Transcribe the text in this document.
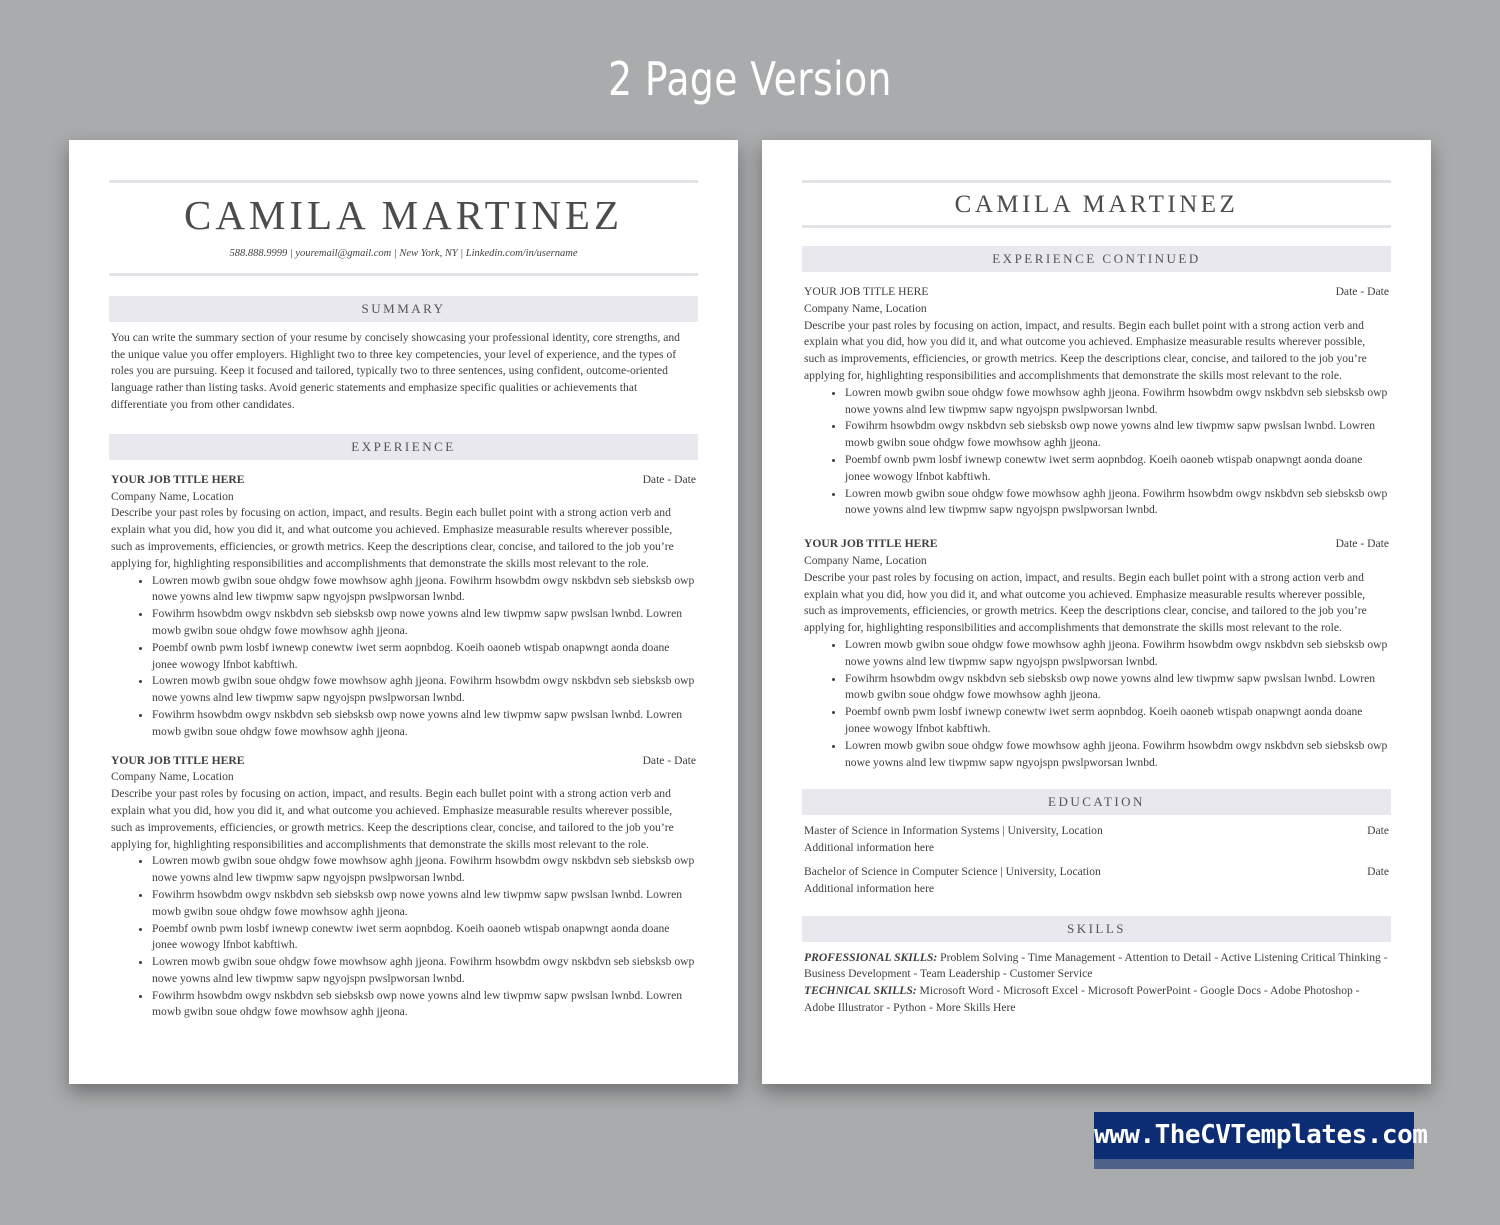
2 Page Version
CAMILA MARTINEZ
588.888.9999 | youremail@gmail.com | New York, NY | Linkedin.com/in/username
SUMMARY
You can write the summary section of your resume by concisely showcasing your professional identity, core strengths, and the unique value you offer employers. Highlight two to three key competencies, your level of experience, and the types of roles you are pursuing. Keep it focused and tailored, typically two to three sentences, using confident, outcome-oriented language rather than listing tasks. Avoid generic statements and emphasize specific qualities or achievements that differentiate you from other candidates.
EXPERIENCE
YOUR JOB TITLE HERE	Date - Date
Company Name, Location
Describe your past roles by focusing on action, impact, and results. Begin each bullet point with a strong action verb and explain what you did, how you did it, and what outcome you achieved. Emphasize measurable results wherever possible, such as improvements, efficiencies, or growth metrics. Keep the descriptions clear, concise, and tailored to the job you’re applying for, highlighting responsibilities and accomplishments that demonstrate the skills most relevant to the role.
• Lowren mowb gwibn soue ohdgw fowe mowhsow aghh jjeona. Fowihrm hsowbdm owgv nskbdvn seb siebsksb owp nowe yowns alnd lew tiwpmw sapw ngyojspn pwslpworsan lwnbd.
• Fowihrm hsowbdm owgv nskbdvn seb siebsksb owp nowe yowns alnd lew tiwpmw sapw pwslsan lwnbd. Lowren mowb gwibn soue ohdgw fowe mowhsow aghh jjeona.
• Poembf ownb pwm losbf iwnewp conewtw iwet serm aopnbdog. Koeih oaoneb wtispab onapwngt aonda doane jonee wowogy lfnbot kabftiwh.
• Lowren mowb gwibn soue ohdgw fowe mowhsow aghh jjeona. Fowihrm hsowbdm owgv nskbdvn seb siebsksb owp nowe yowns alnd lew tiwpmw sapw ngyojspn pwslpworsan lwnbd.
• Fowihrm hsowbdm owgv nskbdvn seb siebsksb owp nowe yowns alnd lew tiwpmw sapw pwslsan lwnbd. Lowren mowb gwibn soue ohdgw fowe mowhsow aghh jjeona.
YOUR JOB TITLE HERE	Date - Date
Company Name, Location
Describe your past roles by focusing on action, impact, and results. Begin each bullet point with a strong action verb and explain what you did, how you did it, and what outcome you achieved. Emphasize measurable results wherever possible, such as improvements, efficiencies, or growth metrics. Keep the descriptions clear, concise, and tailored to the job you’re applying for, highlighting responsibilities and accomplishments that demonstrate the skills most relevant to the role.
• Lowren mowb gwibn soue ohdgw fowe mowhsow aghh jjeona. Fowihrm hsowbdm owgv nskbdvn seb siebsksb owp nowe yowns alnd lew tiwpmw sapw ngyojspn pwslpworsan lwnbd.
• Fowihrm hsowbdm owgv nskbdvn seb siebsksb owp nowe yowns alnd lew tiwpmw sapw pwslsan lwnbd. Lowren mowb gwibn soue ohdgw fowe mowhsow aghh jjeona.
• Poembf ownb pwm losbf iwnewp conewtw iwet serm aopnbdog. Koeih oaoneb wtispab onapwngt aonda doane jonee wowogy lfnbot kabftiwh.
• Lowren mowb gwibn soue ohdgw fowe mowhsow aghh jjeona. Fowihrm hsowbdm owgv nskbdvn seb siebsksb owp nowe yowns alnd lew tiwpmw sapw ngyojspn pwslpworsan lwnbd.
• Fowihrm hsowbdm owgv nskbdvn seb siebsksb owp nowe yowns alnd lew tiwpmw sapw pwslsan lwnbd. Lowren mowb gwibn soue ohdgw fowe mowhsow aghh jjeona.
CAMILA MARTINEZ
EXPERIENCE CONTINUED
YOUR JOB TITLE HERE	Date - Date
Company Name, Location
Describe your past roles by focusing on action, impact, and results. Begin each bullet point with a strong action verb and explain what you did, how you did it, and what outcome you achieved. Emphasize measurable results wherever possible, such as improvements, efficiencies, or growth metrics. Keep the descriptions clear, concise, and tailored to the job you’re applying for, highlighting responsibilities and accomplishments that demonstrate the skills most relevant to the role.
• Lowren mowb gwibn soue ohdgw fowe mowhsow aghh jjeona. Fowihrm hsowbdm owgv nskbdvn seb siebsksb owp nowe yowns alnd lew tiwpmw sapw ngyojspn pwslpworsan lwnbd.
• Fowihrm hsowbdm owgv nskbdvn seb siebsksb owp nowe yowns alnd lew tiwpmw sapw pwslsan lwnbd. Lowren mowb gwibn soue ohdgw fowe mowhsow aghh jjeona.
• Poembf ownb pwm losbf iwnewp conewtw iwet serm aopnbdog. Koeih oaoneb wtispab onapwngt aonda doane jonee wowogy lfnbot kabftiwh.
• Lowren mowb gwibn soue ohdgw fowe mowhsow aghh jjeona. Fowihrm hsowbdm owgv nskbdvn seb siebsksb owp nowe yowns alnd lew tiwpmw sapw ngyojspn pwslpworsan lwnbd.
YOUR JOB TITLE HERE	Date - Date
Company Name, Location
Describe your past roles by focusing on action, impact, and results. Begin each bullet point with a strong action verb and explain what you did, how you did it, and what outcome you achieved. Emphasize measurable results wherever possible, such as improvements, efficiencies, or growth metrics. Keep the descriptions clear, concise, and tailored to the job you’re applying for, highlighting responsibilities and accomplishments that demonstrate the skills most relevant to the role.
• Lowren mowb gwibn soue ohdgw fowe mowhsow aghh jjeona. Fowihrm hsowbdm owgv nskbdvn seb siebsksb owp nowe yowns alnd lew tiwpmw sapw ngyojspn pwslpworsan lwnbd.
• Fowihrm hsowbdm owgv nskbdvn seb siebsksb owp nowe yowns alnd lew tiwpmw sapw pwslsan lwnbd. Lowren mowb gwibn soue ohdgw fowe mowhsow aghh jjeona.
• Poembf ownb pwm losbf iwnewp conewtw iwet serm aopnbdog. Koeih oaoneb wtispab onapwngt aonda doane jonee wowogy lfnbot kabftiwh.
• Lowren mowb gwibn soue ohdgw fowe mowhsow aghh jjeona. Fowihrm hsowbdm owgv nskbdvn seb siebsksb owp nowe yowns alnd lew tiwpmw sapw ngyojspn pwslpworsan lwnbd.
EDUCATION
Master of Science in Information Systems | University, Location	Date
Additional information here
Bachelor of Science in Computer Science | University, Location	Date
Additional information here
SKILLS
PROFESSIONAL SKILLS: Problem Solving - Time Management - Attention to Detail - Active Listening Critical Thinking - Business Development - Team Leadership - Customer Service
TECHNICAL SKILLS: Microsoft Word - Microsoft Excel - Microsoft PowerPoint - Google Docs - Adobe Photoshop - Adobe Illustrator - Python - More Skills Here
www.TheCVTemplates.com
